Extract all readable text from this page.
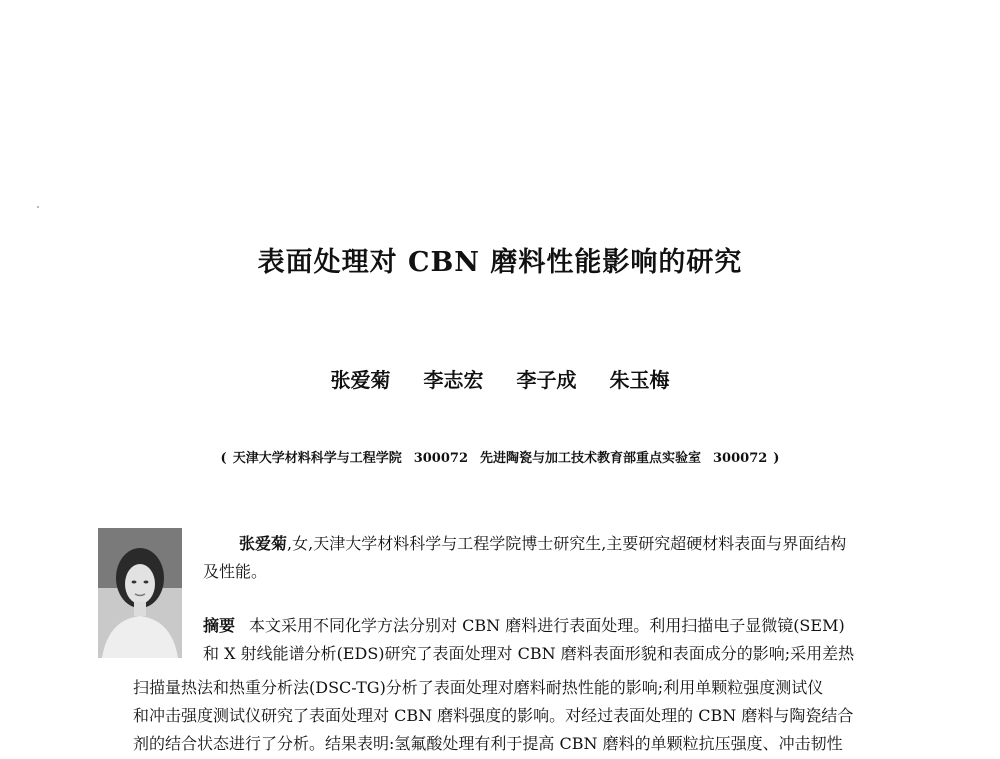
表面处理对 CBN 磨料性能影响的研究
张爱菊 李志宏 李子成 朱玉梅
( 天津大学材料科学与工程学院 300072 先进陶瓷与加工技术教育部重点实验室 300072 )
张爱菊,女,天津大学材料科学与工程学院博士研究生,主要研究超硬材料表面与界面结构
及性能。
摘要 本文采用不同化学方法分别对 CBN 磨料进行表面处理。利用扫描电子显微镜(SEM)
和 X 射线能谱分析(EDS)研究了表面处理对 CBN 磨料表面形貌和表面成分的影响;采用差热
扫描量热法和热重分析法(DSC-TG)分析了表面处理对磨料耐热性能的影响;利用单颗粒强度测试仪
和冲击强度测试仪研究了表面处理对 CBN 磨料强度的影响。对经过表面处理的 CBN 磨料与陶瓷结合
剂的结合状态进行了分析。结果表明:氢氟酸处理有利于提高 CBN 磨料的单颗粒抗压强度、冲击韧性
